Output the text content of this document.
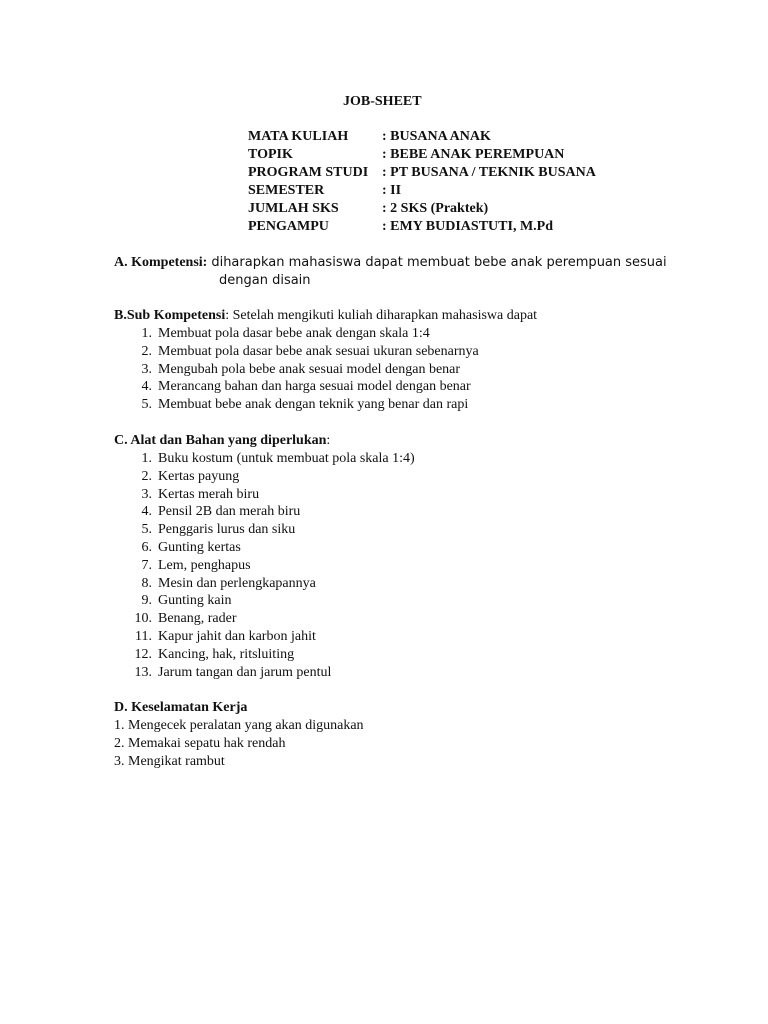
JOB-SHEET
MATA KULIAH	: BUSANA ANAK
TOPIK	: BEBE ANAK PEREMPUAN
PROGRAM STUDI : PT BUSANA / TEKNIK BUSANA
SEMESTER	: II
JUMLAH SKS	: 2 SKS (Praktek)
PENGAMPU	: EMY BUDIASTUTI, M.Pd
A. Kompetensi: diharapkan mahasiswa dapat membuat bebe anak perempuan sesuai
dengan disain
B.Sub Kompetensi: Setelah mengikuti kuliah diharapkan mahasiswa dapat
1. Membuat pola dasar bebe anak dengan skala 1:4
2. Membuat pola dasar bebe anak sesuai ukuran sebenarnya
3. Mengubah pola bebe anak sesuai model dengan benar
4. Merancang bahan dan harga sesuai model dengan benar
5. Membuat bebe anak dengan teknik yang benar dan rapi
C. Alat dan Bahan yang diperlukan:
1. Buku kostum (untuk membuat pola skala 1:4)
2. Kertas payung
3. Kertas merah biru
4. Pensil 2B dan merah biru
5. Penggaris lurus dan siku
6. Gunting kertas
7. Lem, penghapus
8. Mesin dan perlengkapannya
9. Gunting kain
10. Benang, rader
11. Kapur jahit dan karbon jahit
12. Kancing, hak, ritsluiting
13. Jarum tangan dan jarum pentul
D. Keselamatan Kerja
1. Mengecek peralatan yang akan digunakan
2. Memakai sepatu hak rendah
3. Mengikat rambut
